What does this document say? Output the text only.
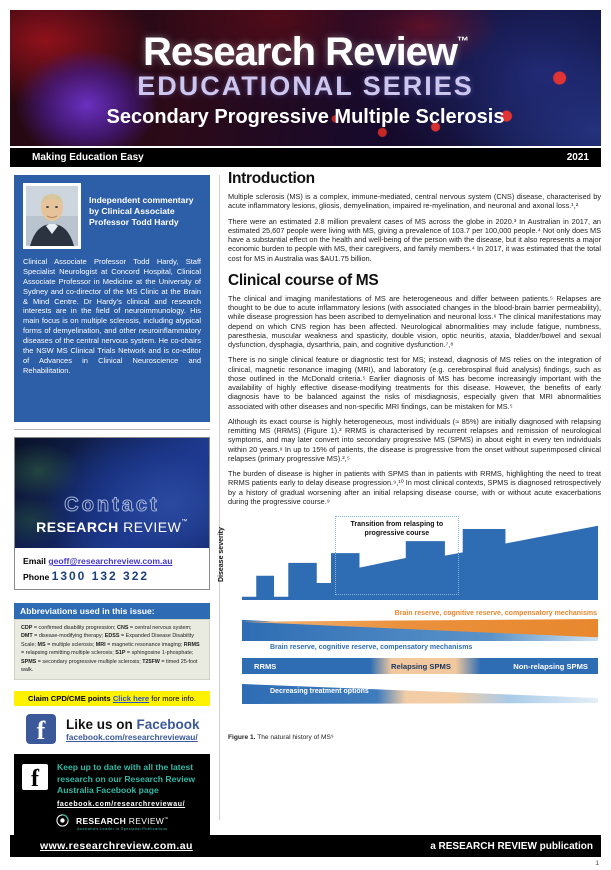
Research Review™
EDUCATIONAL SERIES
Secondary Progressive Multiple Sclerosis
Making Education Easy	2021
Independent commentary by Clinical Associate Professor Todd Hardy
Clinical Associate Professor Todd Hardy, Staff Specialist Neurologist at Concord Hospital, Clinical Associate Professor in Medicine at the University of Sydney and co-director of the MS Clinic at the Brain & Mind Centre. Dr Hardy's clinical and research interests are in the field of neuroimmunology. His main focus is on multiple sclerosis, including atypical forms of demyelination, and other neuroinflammatory diseases of the central nervous system. He co-chairs the NSW MS Clinical Trials Network and is co-editor of Advances in Clinical Neuroscience and Rehabilitation.
Contact
RESEARCH REVIEW™
Email geoff@researchreview.com.au
Phone 1300 132 322
Abbreviations used in this issue:
CDP = confirmed disability progression; CNS = central nervous system; DMT = disease-modifying therapy; EDSS = Expanded Disease Disability Scale; MS = multiple sclerosis; MRI = magnetic resonance imaging; RRMS = relapsing remitting multiple sclerosis; S1P = sphingosine 1-phosphate; SPMS = secondary progressive multiple sclerosis; T25FW = timed 25-foot walk.
Claim CPD/CME points Click here for more info.
f	Like us on Facebook
facebook.com/researchreviewau/
f	Keep up to date with all the latest research on our Research Review Australia Facebook page
facebook.com/researchreviewau/
RESEARCH REVIEW™
Australia's Leader in Specialist Publications
Introduction

Multiple sclerosis (MS) is a complex, immune-mediated, central nervous system (CNS) disease, characterised by acute inflammatory lesions, gliosis, demyelination, impaired re-myelination, and neuronal and axonal loss.¹,²

There were an estimated 2.8 million prevalent cases of MS across the globe in 2020.³ In Australian in 2017, an estimated 25,607 people were living with MS, giving a prevalence of 103.7 per 100,000 people.⁴ Not only does MS have a substantial effect on the health and well-being of the person with the disease, but it also represents a major economic burden to people with MS, their caregivers, and family members.⁴ In 2017, it was estimated that the total cost for MS in Australia was $AU1.75 billion.

Clinical course of MS

The clinical and imaging manifestations of MS are heterogeneous and differ between patients.⁵ Relapses are thought to be due to acute inflammatory lesions (with associated changes in the blood-brain barrier permeability), while disease progression has been ascribed to demyelination and neuronal loss.⁶ The clinical manifestations may depend on which CNS region has been affected. Neurological abnormalities may include fatigue, numbness, paresthesia, muscular weakness and spasticity, double vision, optic neuritis, ataxia, bladder/bowel and sexual dysfunction, dysphagia, dysarthria, pain, and cognitive dysfunction.⁷,⁸

There is no single clinical feature or diagnostic test for MS; instead, diagnosis of MS relies on the integration of clinical, magnetic resonance imaging (MRI), and laboratory (e.g. cerebrospinal fluid analysis) findings, such as those outlined in the McDonald criteria.⁵ Earlier diagnosis of MS has become increasingly important with the availability of highly effective disease-modifying treatments for this disease. However, the benefits of early diagnosis have to be balanced against the risks of misdiagnosis, especially given that MRI abnormalities associated with other diseases and non-specific MRI findings, can be mistaken for MS.⁵

Although its exact course is highly heterogeneous, most individuals (≈ 85%) are initially diagnosed with relapsing remitting MS (RRMS) (Figure 1).² RRMS is characterised by recurrent relapses and remission of neurological symptoms, and may later convert into secondary progressive MS (SPMS) in about eight in every ten individuals within 20 years.⁹ In up to 15% of patients, the disease is progressive from the onset without superimposed clinical relapses (primary progressive MS).²,⁵

The burden of disease is higher in patients with SPMS than in patients with RRMS, highlighting the need to treat RRMS patients early to delay disease progression.⁹,¹⁰ In most clinical contexts, SPMS is diagnosed retrospectively by a history of gradual worsening after an initial relapsing disease course, with or without acute exacerbations during the progressive course.⁹

Disease severity
Transition from relasping to progressive course
Brain reserve, cognitive reserve, compensatory mechanisms
Brain reserve, cognitive reserve, compensatory mechanisms
RRMS	Relapsing SPMS	Non-relapsing SPMS
Decreasing treatment options
Figure 1. The natural history of MS⁹
www.researchreview.com.au	a RESEARCH REVIEW publication
1
